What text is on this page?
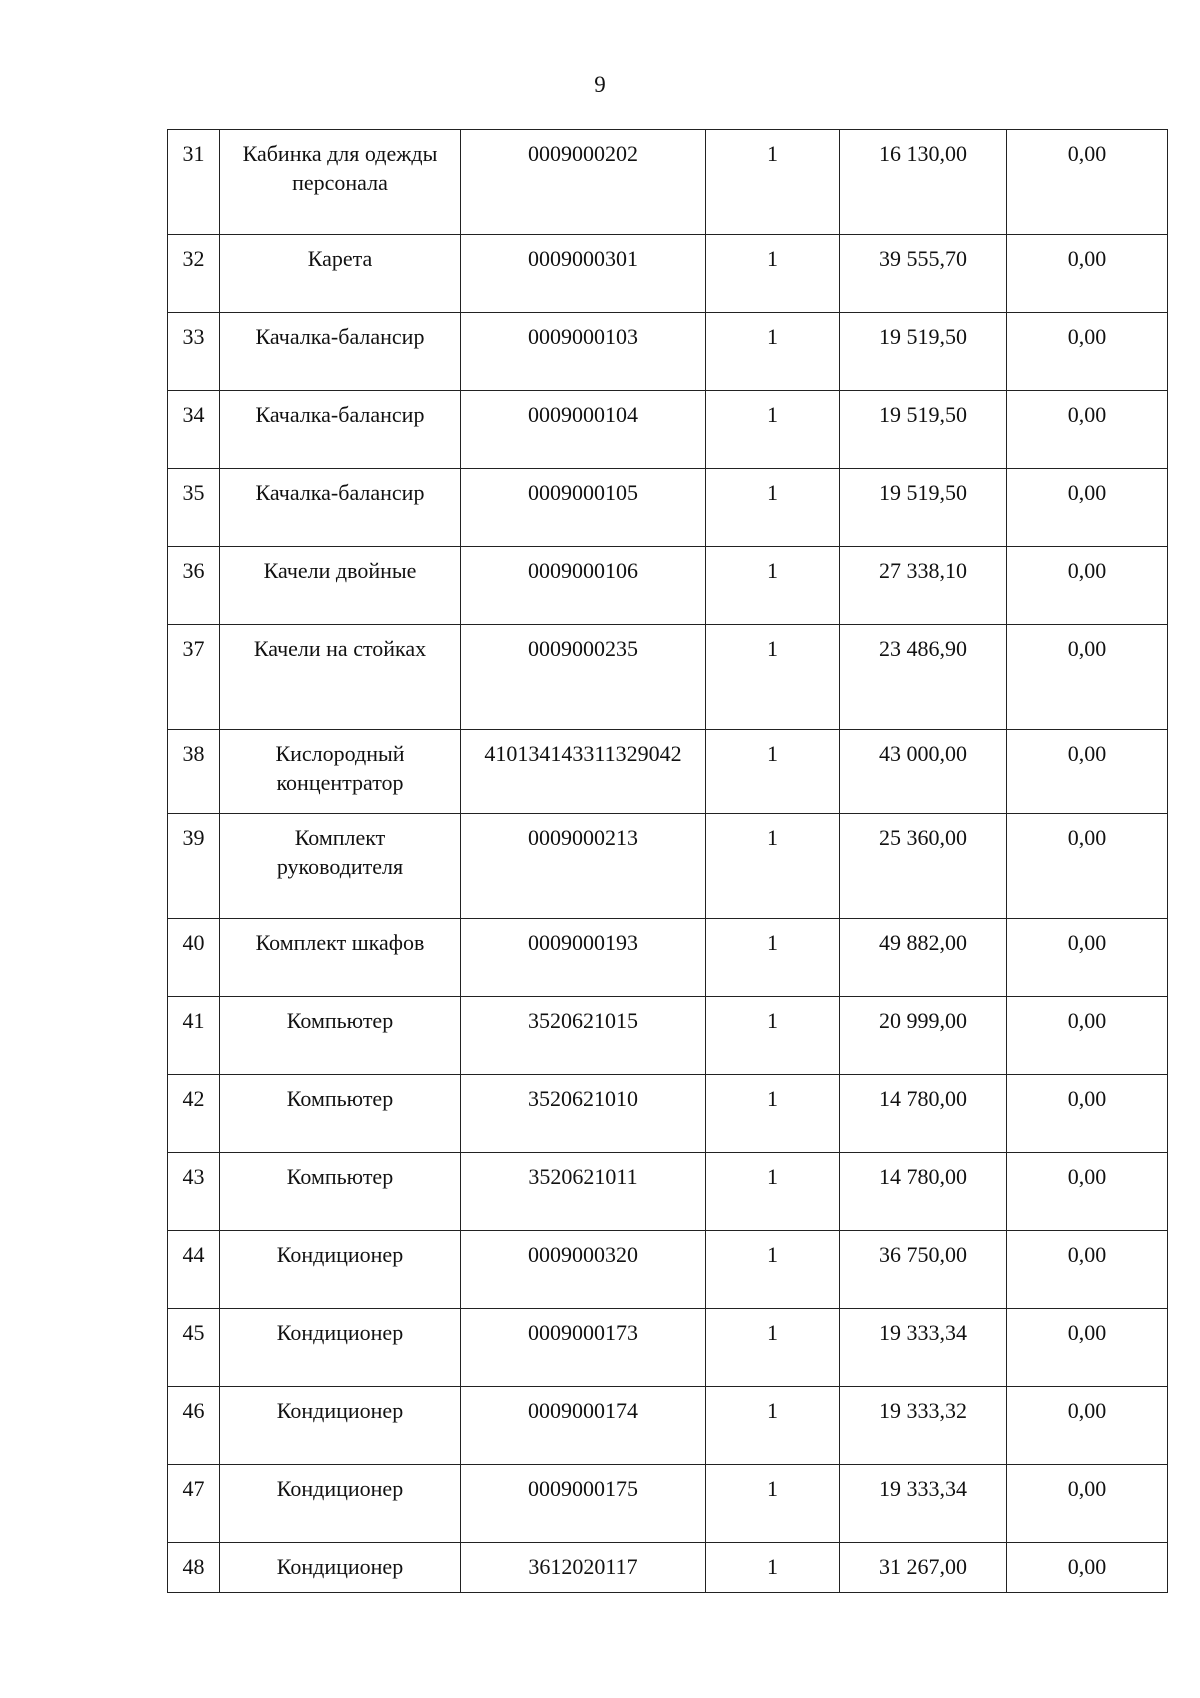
9
31	Кабинка для одежды персонала	0009000202	1	16 130,00	0,00
32	Карета	0009000301	1	39 555,70	0,00
33	Качалка-балансир	0009000103	1	19 519,50	0,00
34	Качалка-балансир	0009000104	1	19 519,50	0,00
35	Качалка-балансир	0009000105	1	19 519,50	0,00
36	Качели двойные	0009000106	1	27 338,10	0,00
37	Качели на стойках	0009000235	1	23 486,90	0,00
38	Кислородный концентратор	410134143311329042	1	43 000,00	0,00
39	Комплект руководителя	0009000213	1	25 360,00	0,00
40	Комплект шкафов	0009000193	1	49 882,00	0,00
41	Компьютер	3520621015	1	20 999,00	0,00
42	Компьютер	3520621010	1	14 780,00	0,00
43	Компьютер	3520621011	1	14 780,00	0,00
44	Кондиционер	0009000320	1	36 750,00	0,00
45	Кондиционер	0009000173	1	19 333,34	0,00
46	Кондиционер	0009000174	1	19 333,32	0,00
47	Кондиционер	0009000175	1	19 333,34	0,00
48	Кондиционер	3612020117	1	31 267,00	0,00
